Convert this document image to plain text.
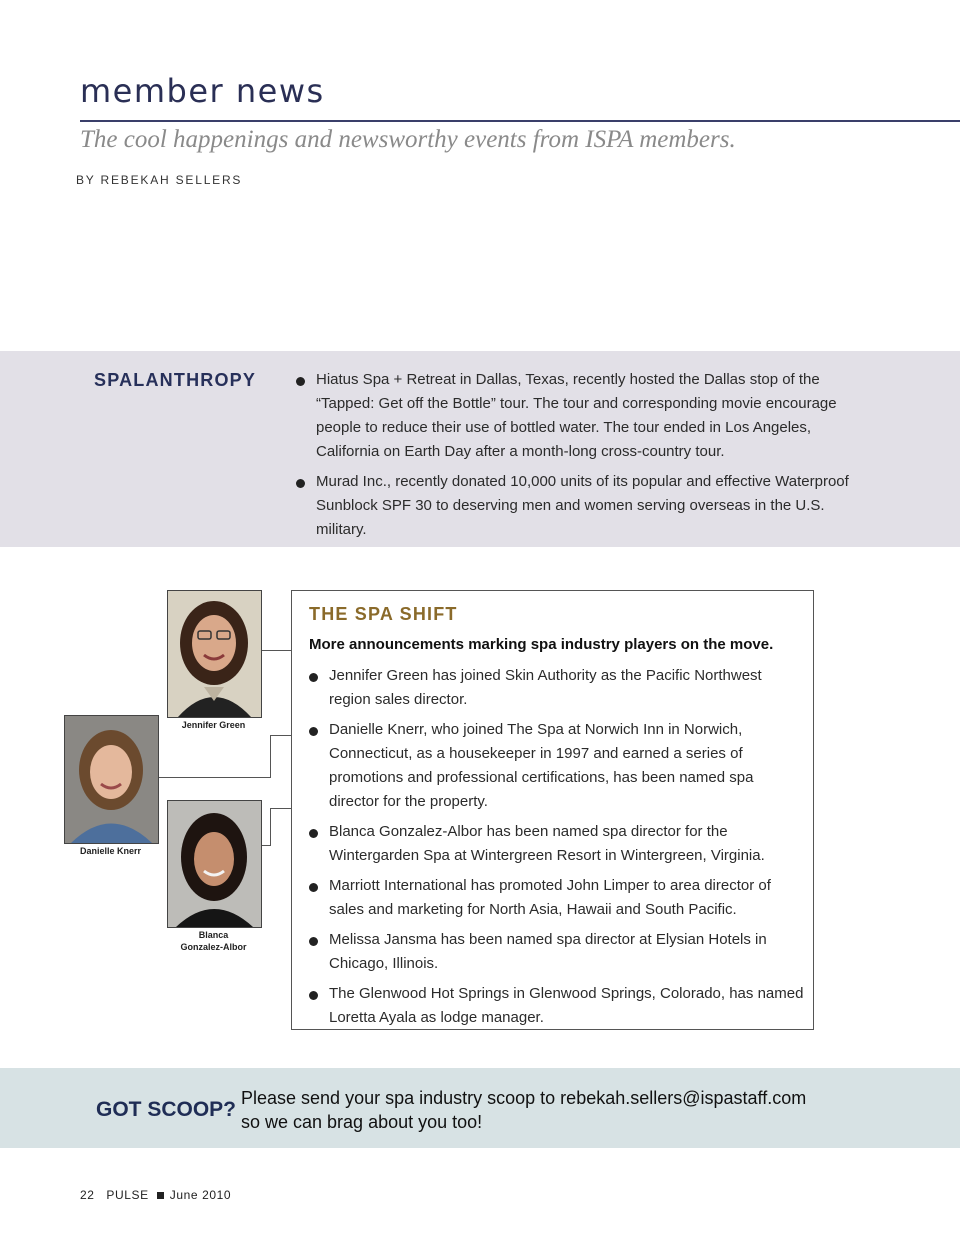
member news
The cool happenings and newsworthy events from ISPA members.
BY REBEKAH SELLERS
SPALANTHROPY	Hiatus Spa + Retreat in Dallas, Texas, recently hosted the Dallas stop of the “Tapped: Get off the Bottle” tour. The tour and corresponding movie encourage people to reduce their use of bottled water. The tour ended in Los Angeles, California on Earth Day after a month-long cross-country tour.
Murad Inc., recently donated 10,000 units of its popular and effective Waterproof Sunblock SPF 30 to deserving men and women serving overseas in the U.S. military.
Jennifer Green
Danielle Knerr
Blanca
Gonzalez-Albor
THE SPA SHIFT
More announcements marking spa industry players on the move.
Jennifer Green has joined Skin Authority as the Pacific Northwest region sales director.
Danielle Knerr, who joined The Spa at Norwich Inn in Norwich, Connecticut, as a housekeeper in 1997 and earned a series of promotions and professional certifications, has been named spa director for the property.
Blanca Gonzalez-Albor has been named spa director for the Wintergarden Spa at Wintergreen Resort in Wintergreen, Virginia.
Marriott International has promoted John Limper to area director of sales and marketing for North Asia, Hawaii and South Pacific.
Melissa Jansma has been named spa director at Elysian Hotels in Chicago, Illinois.
The Glenwood Hot Springs in Glenwood Springs, Colorado, has named Loretta Ayala as lodge manager.
GOT SCOOP? Please send your spa industry scoop to rebekah.sellers@ispastaff.com
so we can brag about you too!
22 PULSE June 2010
